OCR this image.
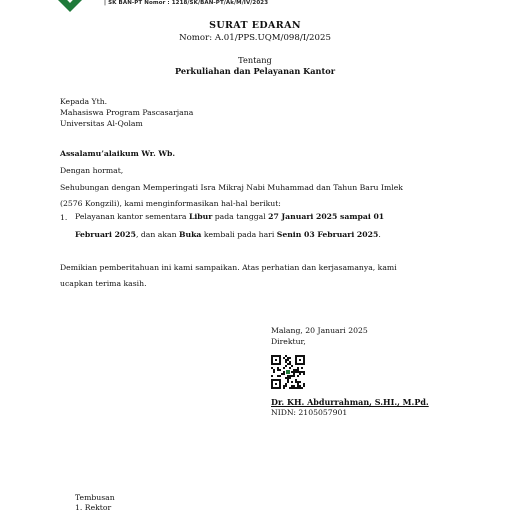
| SK BAN-PT Nomor : 1218/SK/BAN-PT/Ak/M/IV/2023
SURAT EDARAN
Nomor: A.01/PPS.UQM/098/I/2025
Tentang
Perkuliahan dan Pelayanan Kantor
Kepada Yth.
Mahasiswa Program Pascasarjana
Universitas Al-Qolam
Assalamu’alaikum Wr. Wb.
Dengan hormat,
Sehubungan dengan Memperingati Isra Mikraj Nabi Muhammad dan Tahun Baru Imlek
(2576 Kongzili), kami menginformasikan hal-hal berikut:
1. Pelayanan kantor sementara Libur pada tanggal 27 Januari 2025 sampai 01
Februari 2025, dan akan Buka kembali pada hari Senin 03 Februari 2025.
Demikian pemberitahuan ini kami sampaikan. Atas perhatian dan kerjasamanya, kami
ucapkan terima kasih.
Malang, 20 Januari 2025
Direktur,
Dr. KH. Abdurrahman, S.HI., M.Pd.
NIDN: 2105057901
Tembusan
1. Rektor
